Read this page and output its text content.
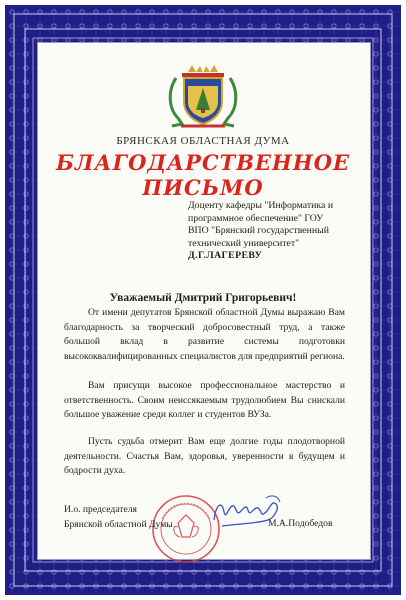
БРЯНСКАЯ ОБЛАСТНАЯ ДУМА
БЛАГОДАРСТВЕННОЕ
ПИСЬМО
Доценту кафедры "Информатика и
программное обеспечение" ГОУ
ВПО "Брянский государственный
технический университет"
Д.Г.ЛАГЕРЕВУ
Уважаемый Дмитрий Григорьевич!
От имени депутатов Брянской областной Думы выражаю Вам благодарность за творческий добросовестный труд, а также большой вклад в развитие системы подготовки высококвалифицированных специалистов для предприятий региона.
Вам присущи высокое профессиональное мастерство и ответственность. Своим неиссякаемым трудолюбием Вы снискали большое уважение среди коллег и студентов ВУЗа.
Пусть судьба отмерит Вам еще долгие годы плодотворной деятельности. Счастья Вам, здоровья, уверенности в будущем и бодрости духа.
И.о. председателя
Брянской областной Думы	М.А.Подобедов
